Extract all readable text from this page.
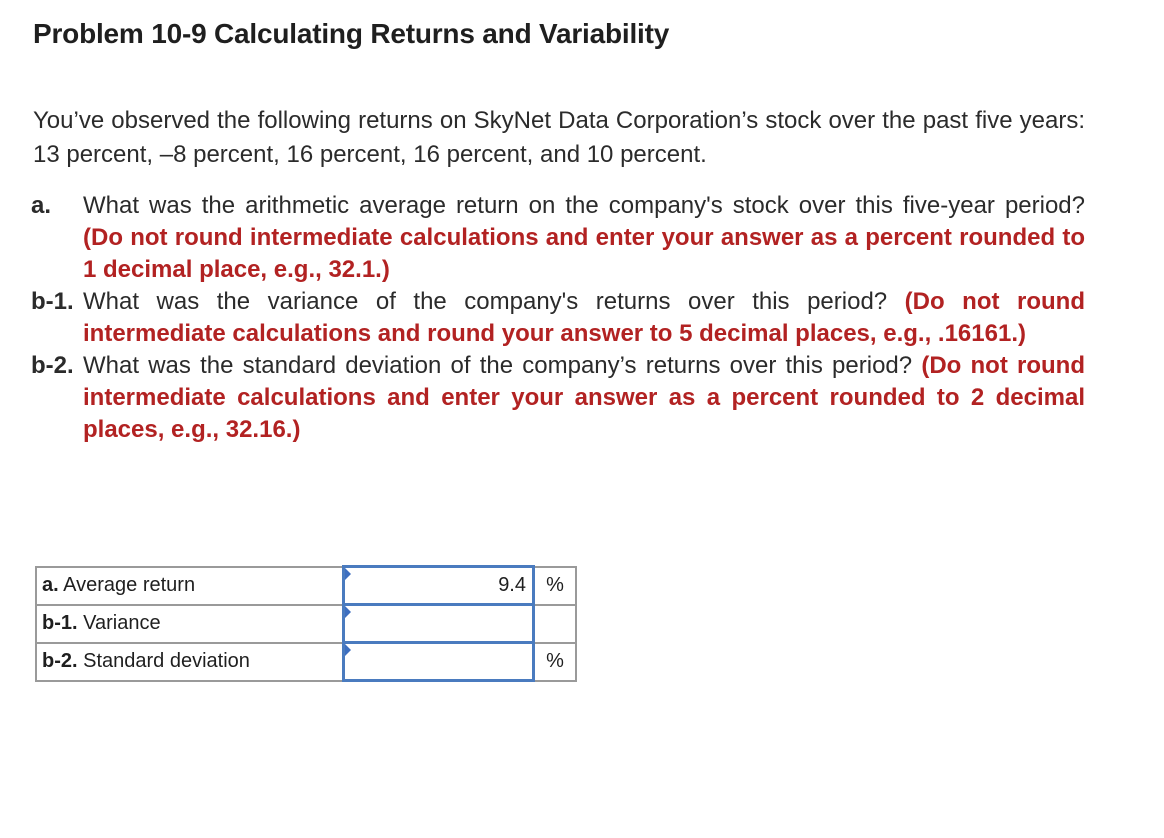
Problem 10-9 Calculating Returns and Variability
You’ve observed the following returns on SkyNet Data Corporation’s stock over the past five years: 13 percent, –8 percent, 16 percent, 16 percent, and 10 percent.
a.	What was the arithmetic average return on the company's stock over this five-year period? (Do not round intermediate calculations and enter your answer as a percent rounded to 1 decimal place, e.g., 32.1.)
b-1. What was the variance of the company's returns over this period? (Do not round intermediate calculations and round your answer to 5 decimal places, e.g., .16161.)
b-2. What was the standard deviation of the company’s returns over this period? (Do not round intermediate calculations and enter your answer as a percent rounded to 2 decimal places, e.g., 32.16.)
a. Average return	9.4	%
b-1. Variance	

b-2. Standard deviation		%
